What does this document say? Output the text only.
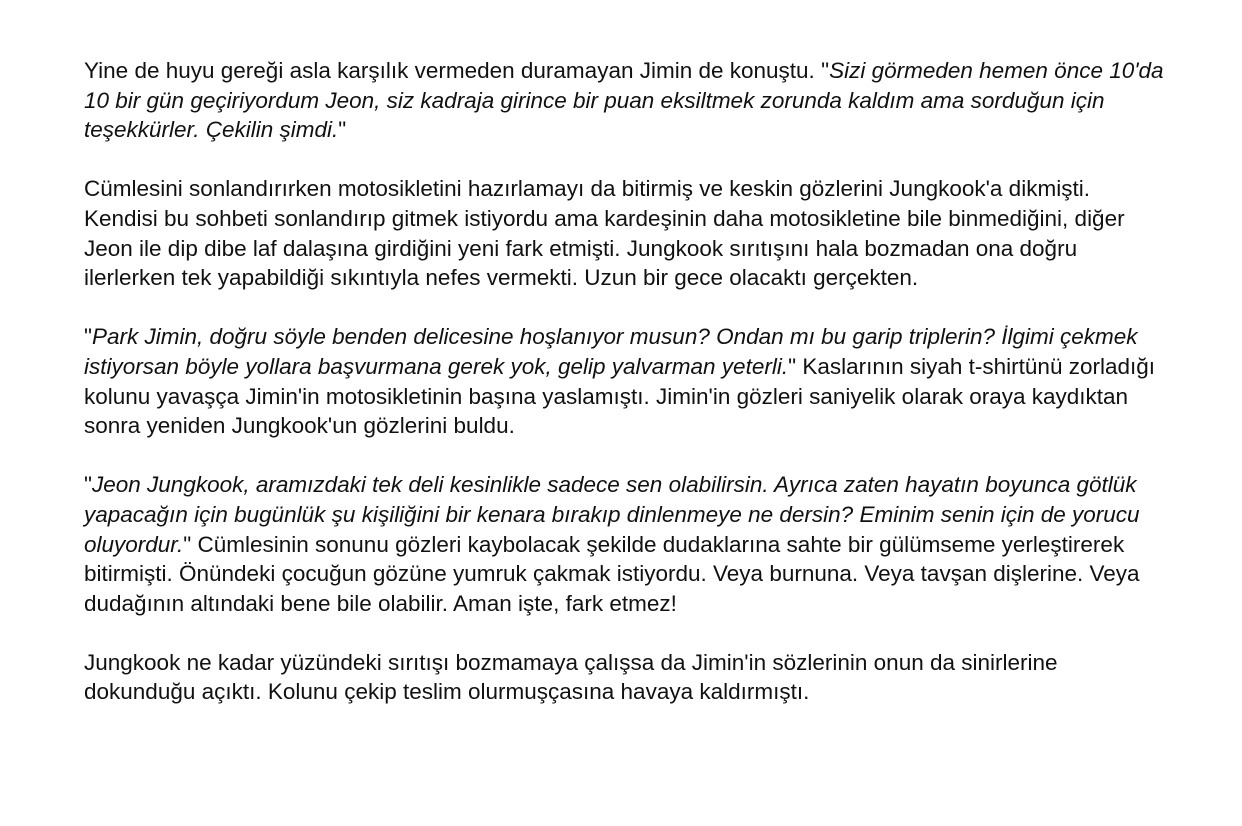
Yine de huyu gereği asla karşılık vermeden duramayan Jimin de konuştu. "Sizi görmeden hemen önce 10'da 10 bir gün geçiriyordum Jeon, siz kadraja girince bir puan eksiltmek zorunda kaldım ama sorduğun için teşekkürler. Çekilin şimdi."

Cümlesini sonlandırırken motosikletini hazırlamayı da bitirmiş ve keskin gözlerini Jungkook'a dikmişti. Kendisi bu sohbeti sonlandırıp gitmek istiyordu ama kardeşinin daha motosikletine bile binmediğini, diğer Jeon ile dip dibe laf dalaşına girdiğini yeni fark etmişti. Jungkook sırıtışını hala bozmadan ona doğru ilerlerken tek yapabildiği sıkıntıyla nefes vermekti. Uzun bir gece olacaktı gerçekten.

"Park Jimin, doğru söyle benden delicesine hoşlanıyor musun? Ondan mı bu garip triplerin? İlgimi çekmek istiyorsan böyle yollara başvurmana gerek yok, gelip yalvarman yeterli." Kaslarının siyah t-shirtünü zorladığı kolunu yavaşça Jimin'in motosikletinin başına yaslamıştı. Jimin'in gözleri saniyelik olarak oraya kaydıktan sonra yeniden Jungkook'un gözlerini buldu.

"Jeon Jungkook, aramızdaki tek deli kesinlikle sadece sen olabilirsin. Ayrıca zaten hayatın boyunca götlük yapacağın için bugünlük şu kişiliğini bir kenara bırakıp dinlenmeye ne dersin? Eminim senin için de yorucu oluyordur." Cümlesinin sonunu gözleri kaybolacak şekilde dudaklarına sahte bir gülümseme yerleştirerek bitirmişti. Önündeki çocuğun gözüne yumruk çakmak istiyordu. Veya burnuna. Veya tavşan dişlerine. Veya dudağının altındaki bene bile olabilir. Aman işte, fark etmez!

Jungkook ne kadar yüzündeki sırıtışı bozmamaya çalışsa da Jimin'in sözlerinin onun da sinirlerine dokunduğu açıktı. Kolunu çekip teslim olurmuşçasına havaya kaldırmıştı.
